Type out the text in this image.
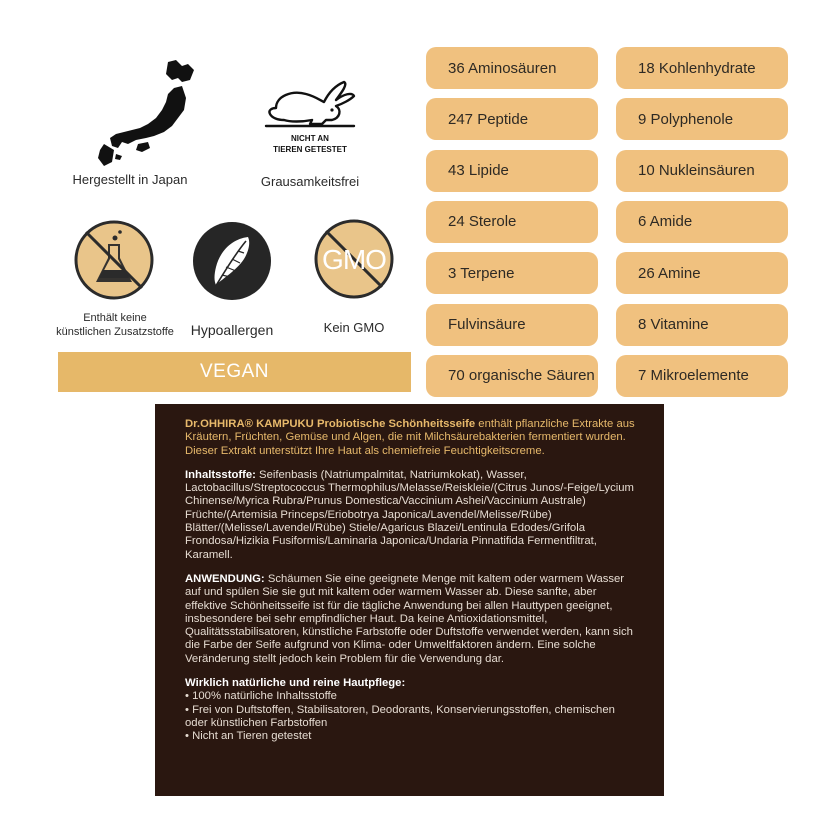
Hergestellt in Japan
NICHT AN
TIEREN GETESTET
Grausamkeitsfrei
Enthält keine
künstlichen Zusatzstoffe	Hypoallergen
GMO
Kein GMO
VEGAN
36 Aminosäuren
247 Peptide
43 Lipide
24 Sterole
3 Terpene
Fulvinsäure
70 organische Säuren
18 Kohlenhydrate
9 Polyphenole
10 Nukleinsäuren
6 Amide
26 Amine
8 Vitamine
7 Mikroelemente

Dr.OHHIRA® KAMPUKU Probiotische Schönheitsseife enthält pflanzliche Extrakte aus Kräutern, Früchten, Gemüse und Algen, die mit Milchsäurebakterien fermentiert wurden. Dieser Extrakt unterstützt Ihre Haut als chemiefreie Feuchtigkeitscreme.

Inhaltsstoffe: Seifenbasis (Natriumpalmitat, Natriumkokat), Wasser, Lactobacillus/Streptococcus Thermophilus/Melasse/Reiskleie/(Citrus Junos/-Feige/Lycium Chinense/Myrica Rubra/Prunus Domestica/Vaccinium Ashei/Vaccinium Australe) Früchte/(Artemisia Princeps/Eriobotrya Japonica/Lavendel/Melisse/Rübe) Blätter/(Melisse/Lavendel/Rübe) Stiele/Agaricus Blazei/Lentinula Edodes/Grifola Frondosa/Hizikia Fusiformis/Laminaria Japonica/Undaria Pinnatifida Fermentfiltrat, Karamell.

ANWENDUNG: Schäumen Sie eine geeignete Menge mit kaltem oder warmem Wasser auf und spülen Sie sie gut mit kaltem oder warmem Wasser ab. Diese sanfte, aber effektive Schönheitsseife ist für die tägliche Anwendung bei allen Hauttypen geeignet, insbesondere bei sehr empfindlicher Haut. Da keine Antioxidationsmittel, Qualitätsstabilisatoren, künstliche Farbstoffe oder Duftstoffe verwendet werden, kann sich die Farbe der Seife aufgrund von Klima- oder Umweltfaktoren ändern. Eine solche Veränderung stellt jedoch kein Problem für die Verwendung dar.

Wirklich natürliche und reine Hautpflege:

• 100% natürliche Inhaltsstoffe
• Frei von Duftstoffen, Stabilisatoren, Deodorants, Konservierungsstoffen, chemischen oder künstlichen Farbstoffen
• Nicht an Tieren getestet
